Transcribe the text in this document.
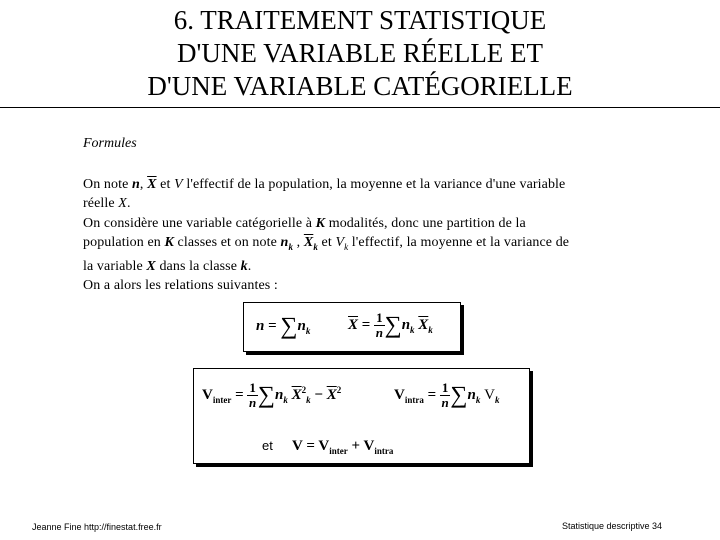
6. TRAITEMENT STATISTIQUE
D'UNE VARIABLE RÉELLE ET
D'UNE VARIABLE CATÉGORIELLE
Formules
On note n, $\overline{X}$ et V l'effectif de la population, la moyenne et la variance d'une variable
réelle X.
On considère une variable catégorielle à K modalités, donc une partition de la
population en K classes et on note $n_k$ , $\overline{X}_k$ et $V_k$ l'effectif, la moyenne et la variance de
la variable X dans la classe k.
On a alors les relations suivantes :
$n = \sum n_k$	$\overline{X} = \frac{1}{n} \sum n_k$ $\overline{X}_k$
$V_{inter} = \frac{1}{n} \sum n_k$ $\overline{X}^2_k - \overline{X}^2$	$V_{intra} = \frac{1}{n} \sum n_k$ $V_k$
$V = V_{inter} + V_{intra}$
et
Jeanne Fine http://finestat.free.fr	Statistique descriptive 34
